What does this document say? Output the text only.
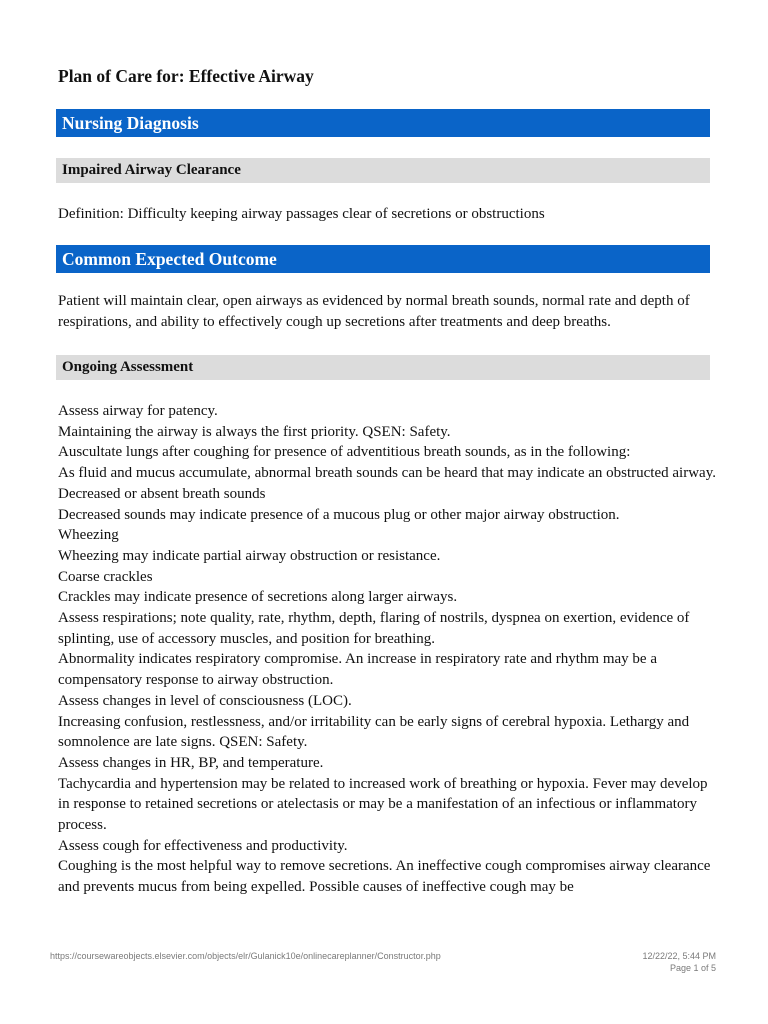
Plan of Care for: Effective Airway
Nursing Diagnosis
Impaired Airway Clearance

Definition: Difficulty keeping airway passages clear of secretions or obstructions

Common Expected Outcome

Patient will maintain clear, open airways as evidenced by normal breath sounds, normal rate and depth of respirations, and ability to effectively cough up secretions after treatments and deep breaths.

Ongoing Assessment
Assess airway for patency.
Maintaining the airway is always the first priority. QSEN: Safety.
Auscultate lungs after coughing for presence of adventitious breath sounds, as in the following:
As fluid and mucus accumulate, abnormal breath sounds can be heard that may indicate an obstructed airway.
Decreased or absent breath sounds
Decreased sounds may indicate presence of a mucous plug or other major airway obstruction.
Wheezing
Wheezing may indicate partial airway obstruction or resistance.
Coarse crackles
Crackles may indicate presence of secretions along larger airways.
Assess respirations; note quality, rate, rhythm, depth, flaring of nostrils, dyspnea on exertion, evidence of splinting, use of accessory muscles, and position for breathing.
Abnormality indicates respiratory compromise. An increase in respiratory rate and rhythm may be a compensatory response to airway obstruction.
Assess changes in level of consciousness (LOC).
Increasing confusion, restlessness, and/or irritability can be early signs of cerebral hypoxia. Lethargy and somnolence are late signs. QSEN: Safety.
Assess changes in HR, BP, and temperature.
Tachycardia and hypertension may be related to increased work of breathing or hypoxia. Fever may develop in response to retained secretions or atelectasis or may be a manifestation of an infectious or inflammatory process.
Assess cough for effectiveness and productivity.
Coughing is the most helpful way to remove secretions. An ineffective cough compromises airway clearance and prevents mucus from being expelled. Possible causes of ineffective cough may be
https://coursewareobjects.elsevier.com/objects/elr/Gulanick10e/onlinecareplanner/Constructor.php	12/22/22, 5:44 PM
Page 1 of 5
